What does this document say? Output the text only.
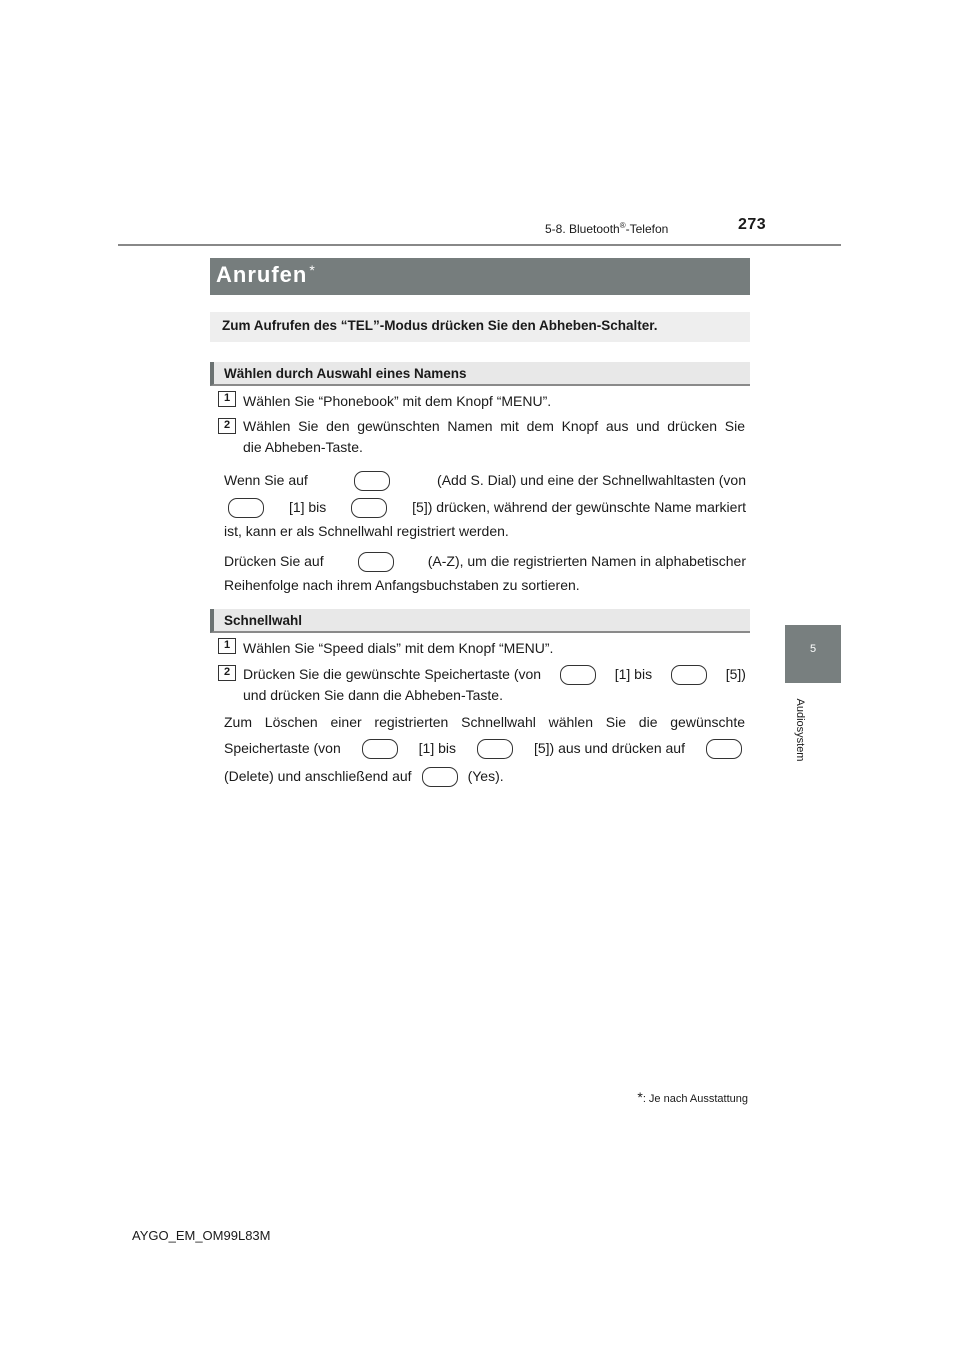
5-8. Bluetooth®-Telefon	273
5
Audiosystem
Anrufen *
Zum Aufrufen des “TEL”-Modus drücken Sie den Abheben-Schalter.
Wählen durch Auswahl eines Namens
1 Wählen Sie “Phonebook” mit dem Knopf “MENU”.
2 Wählen Sie den gewünschten Namen mit dem Knopf aus und drücken Sie
die Abheben-Taste.
Wenn Sie auf	(Add S. Dial) und eine der Schnellwahltasten (von
[1] bis	[5]) drücken, während der gewünschte Name markiert
ist, kann er als Schnellwahl registriert werden.
Drücken Sie auf	(A-Z), um die registrierten Namen in alphabetischer
Reihenfolge nach ihrem Anfangsbuchstaben zu sortieren.
Schnellwahl
1 Wählen Sie “Speed dials” mit dem Knopf “MENU”.
2 Drücken Sie die gewünschte Speichertaste (von	[1] bis	[5])
und drücken Sie dann die Abheben-Taste.
Zum Löschen einer registrierten Schnellwahl wählen Sie die gewünschte
Speichertaste (von	[1] bis	[5]) aus und drücken auf
(Delete) und anschließend auf	(Yes).
*: Je nach Ausstattung
AYGO_EM_OM99L83M
